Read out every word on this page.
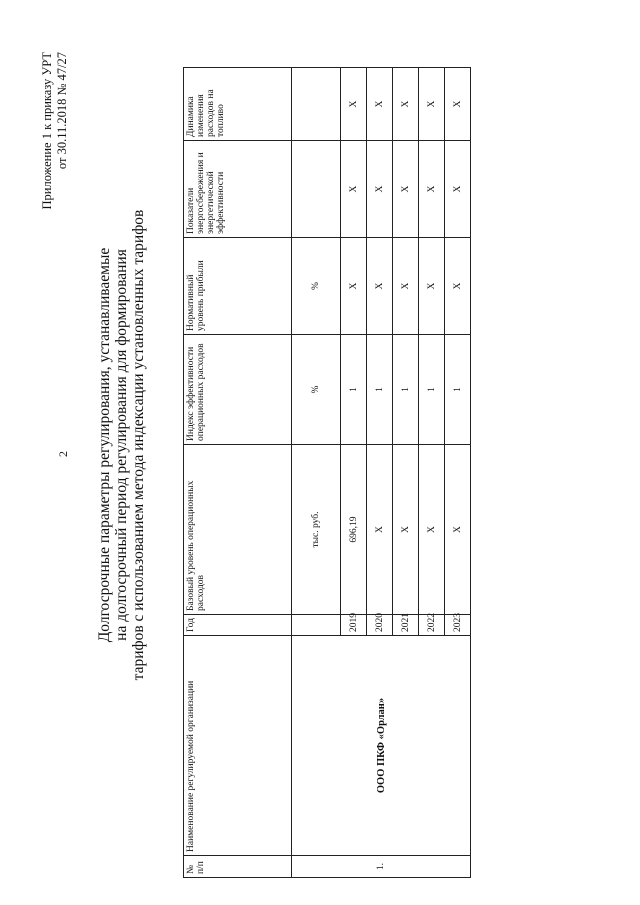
2
Приложение 1 к приказу УРТ от 30.11.2018 № 47/27
Долгосрочные параметры регулирования, устанавливаемые на долгосрочный период регулирования для формирования тарифов с использованием метода индексации установленных тарифов
№ п/п	Наименование регулируемой организации	Год	Базовый уровень операционных расходов	Индекс эффективности операционных расходов	Нормативный уровень прибыли	Показатели энергосбережения и энергетической эффективности	Динамика изменения расходов на топливо
1.	ООО ПКФ «Орлан»		тыс. руб.	%	%		
		2019	696,19	1	Х	Х	Х
		2020	Х	1	Х	Х	Х
		2021	Х	1	Х	Х	Х
		2022	Х	1	Х	Х	Х
		2023	Х	1	Х	Х	Х
